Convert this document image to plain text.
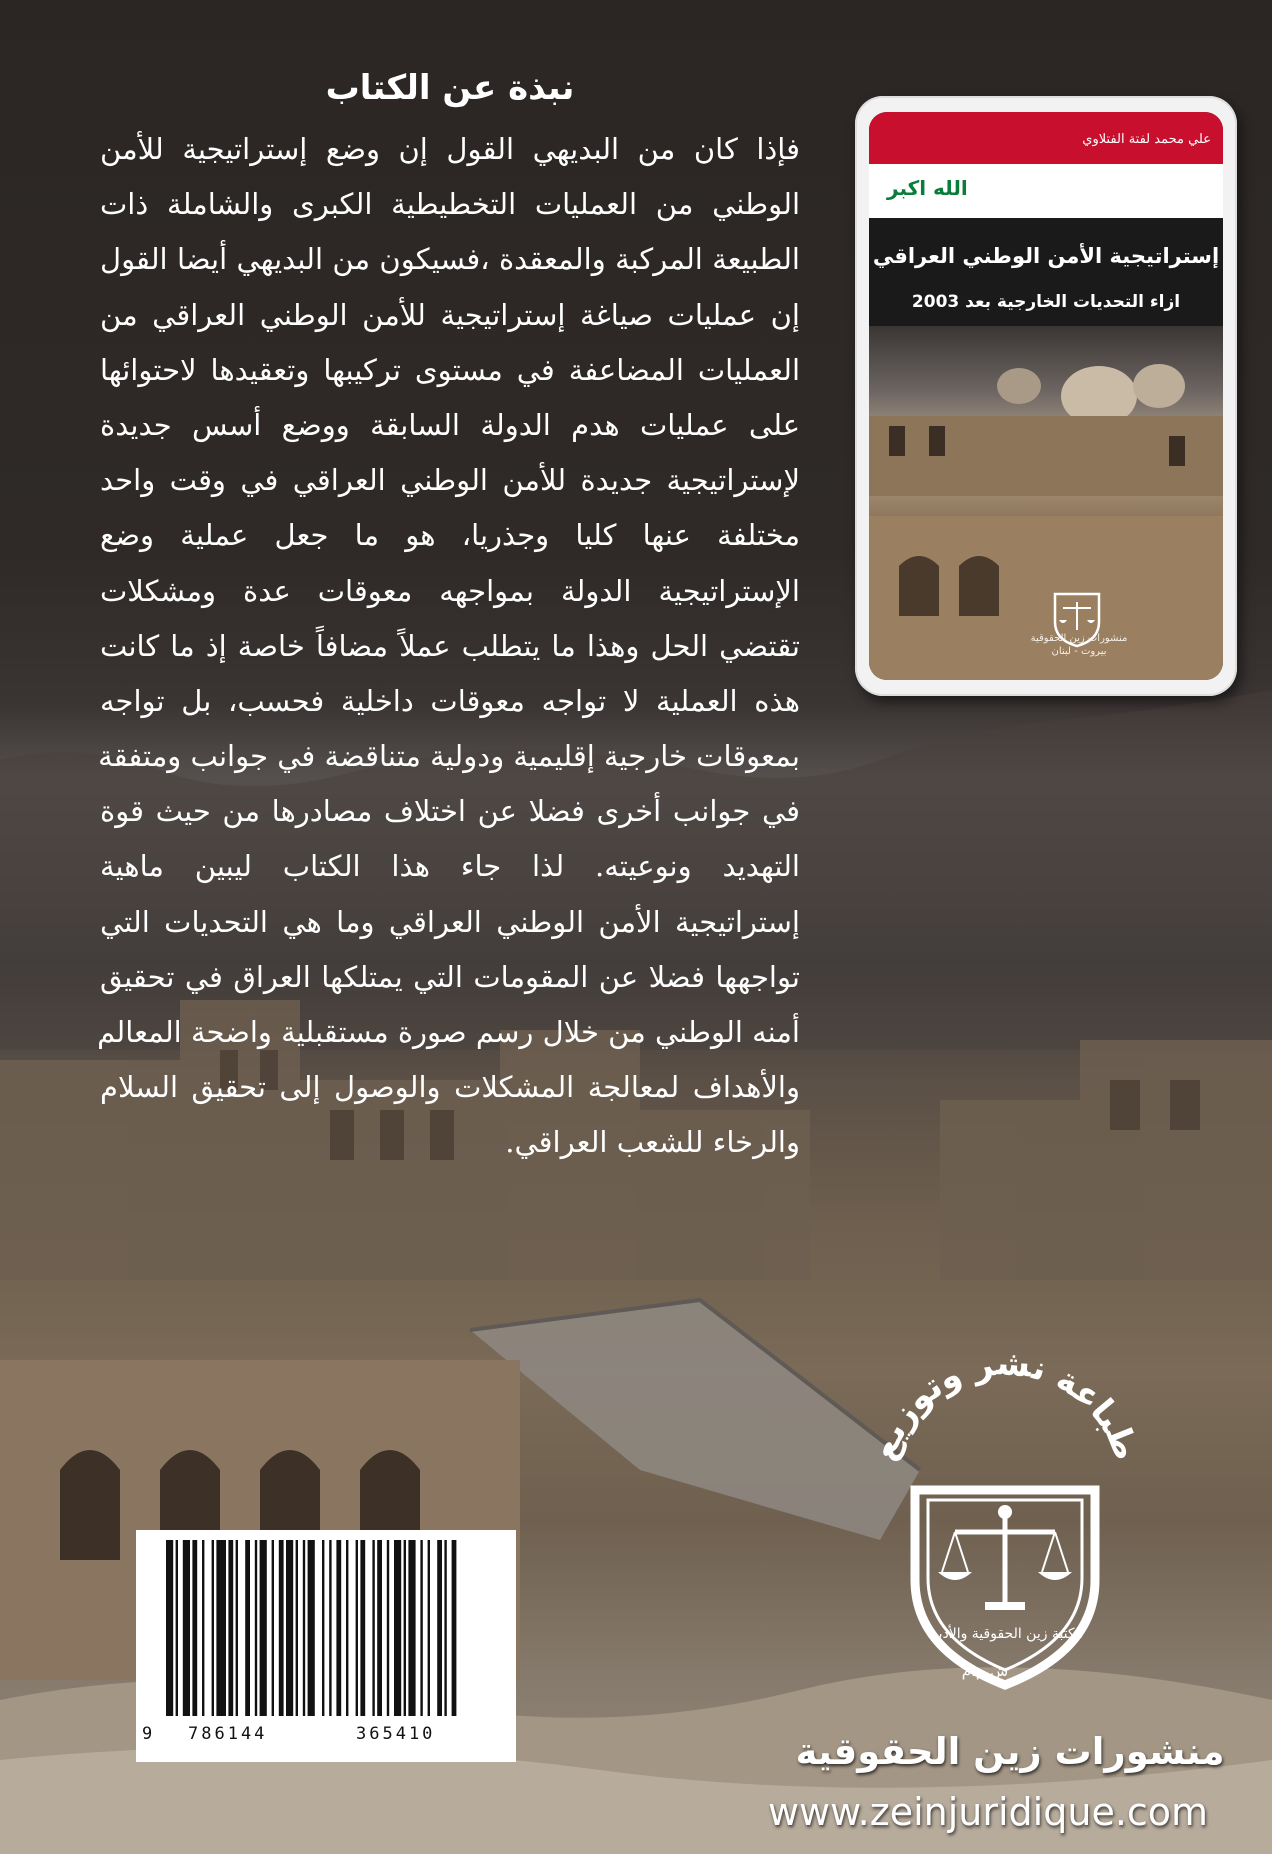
نبذة عن الكتاب
فإذا كان من البديهي القول إن وضع إستراتيجية للأمن
الوطني من العمليات التخطيطية الكبرى والشاملة ذات
الطبيعة المركبة والمعقدة ،فسيكون من البديهي أيضا القول
إن عمليات صياغة إستراتيجية للأمن الوطني العراقي من
العمليات المضاعفة في مستوى تركيبها وتعقيدها لاحتوائها
على عمليات هدم الدولة السابقة ووضع أسس جديدة
لإستراتيجية جديدة للأمن الوطني العراقي في وقت واحد
مختلفة عنها كليا وجذريا، هو ما جعل عملية وضع
الإستراتيجية الدولة بمواجهه معوقات عدة ومشكلات
تقتضي الحل وهذا ما يتطلب عملاً مضافاً خاصة إذ ما كانت
هذه العملية لا تواجه معوقات داخلية فحسب، بل تواجه
بمعوقات خارجية إقليمية ودولية متناقضة في جوانب ومتفقة
في جوانب أخرى فضلا عن اختلاف مصادرها من حيث قوة
التهديد ونوعيته. لذا جاء هذا الكتاب ليبين ماهية
إستراتيجية الأمن الوطني العراقي وما هي التحديات التي
تواجهها فضلا عن المقومات التي يمتلكها العراق في تحقيق
أمنه الوطني من خلال رسم صورة مستقبلية واضحة المعالم
والأهداف لمعالجة المشكلات والوصول إلى تحقيق السلام
والرخاء للشعب العراقي.
علي محمد لفتة الفتلاوي
الله اكبر
إستراتيجية الأمن الوطني العراقي
ازاء التحديات الخارجية بعد 2003
منشورات زين الحقوقية
بيروت - لبنان
طباعة نشر وتوزيع
مكتبة زين الحقوقية والأدبية
ش.م.م
9 786144	365410	منشورات زين الحقوقية
www.zeinjuridique.com
